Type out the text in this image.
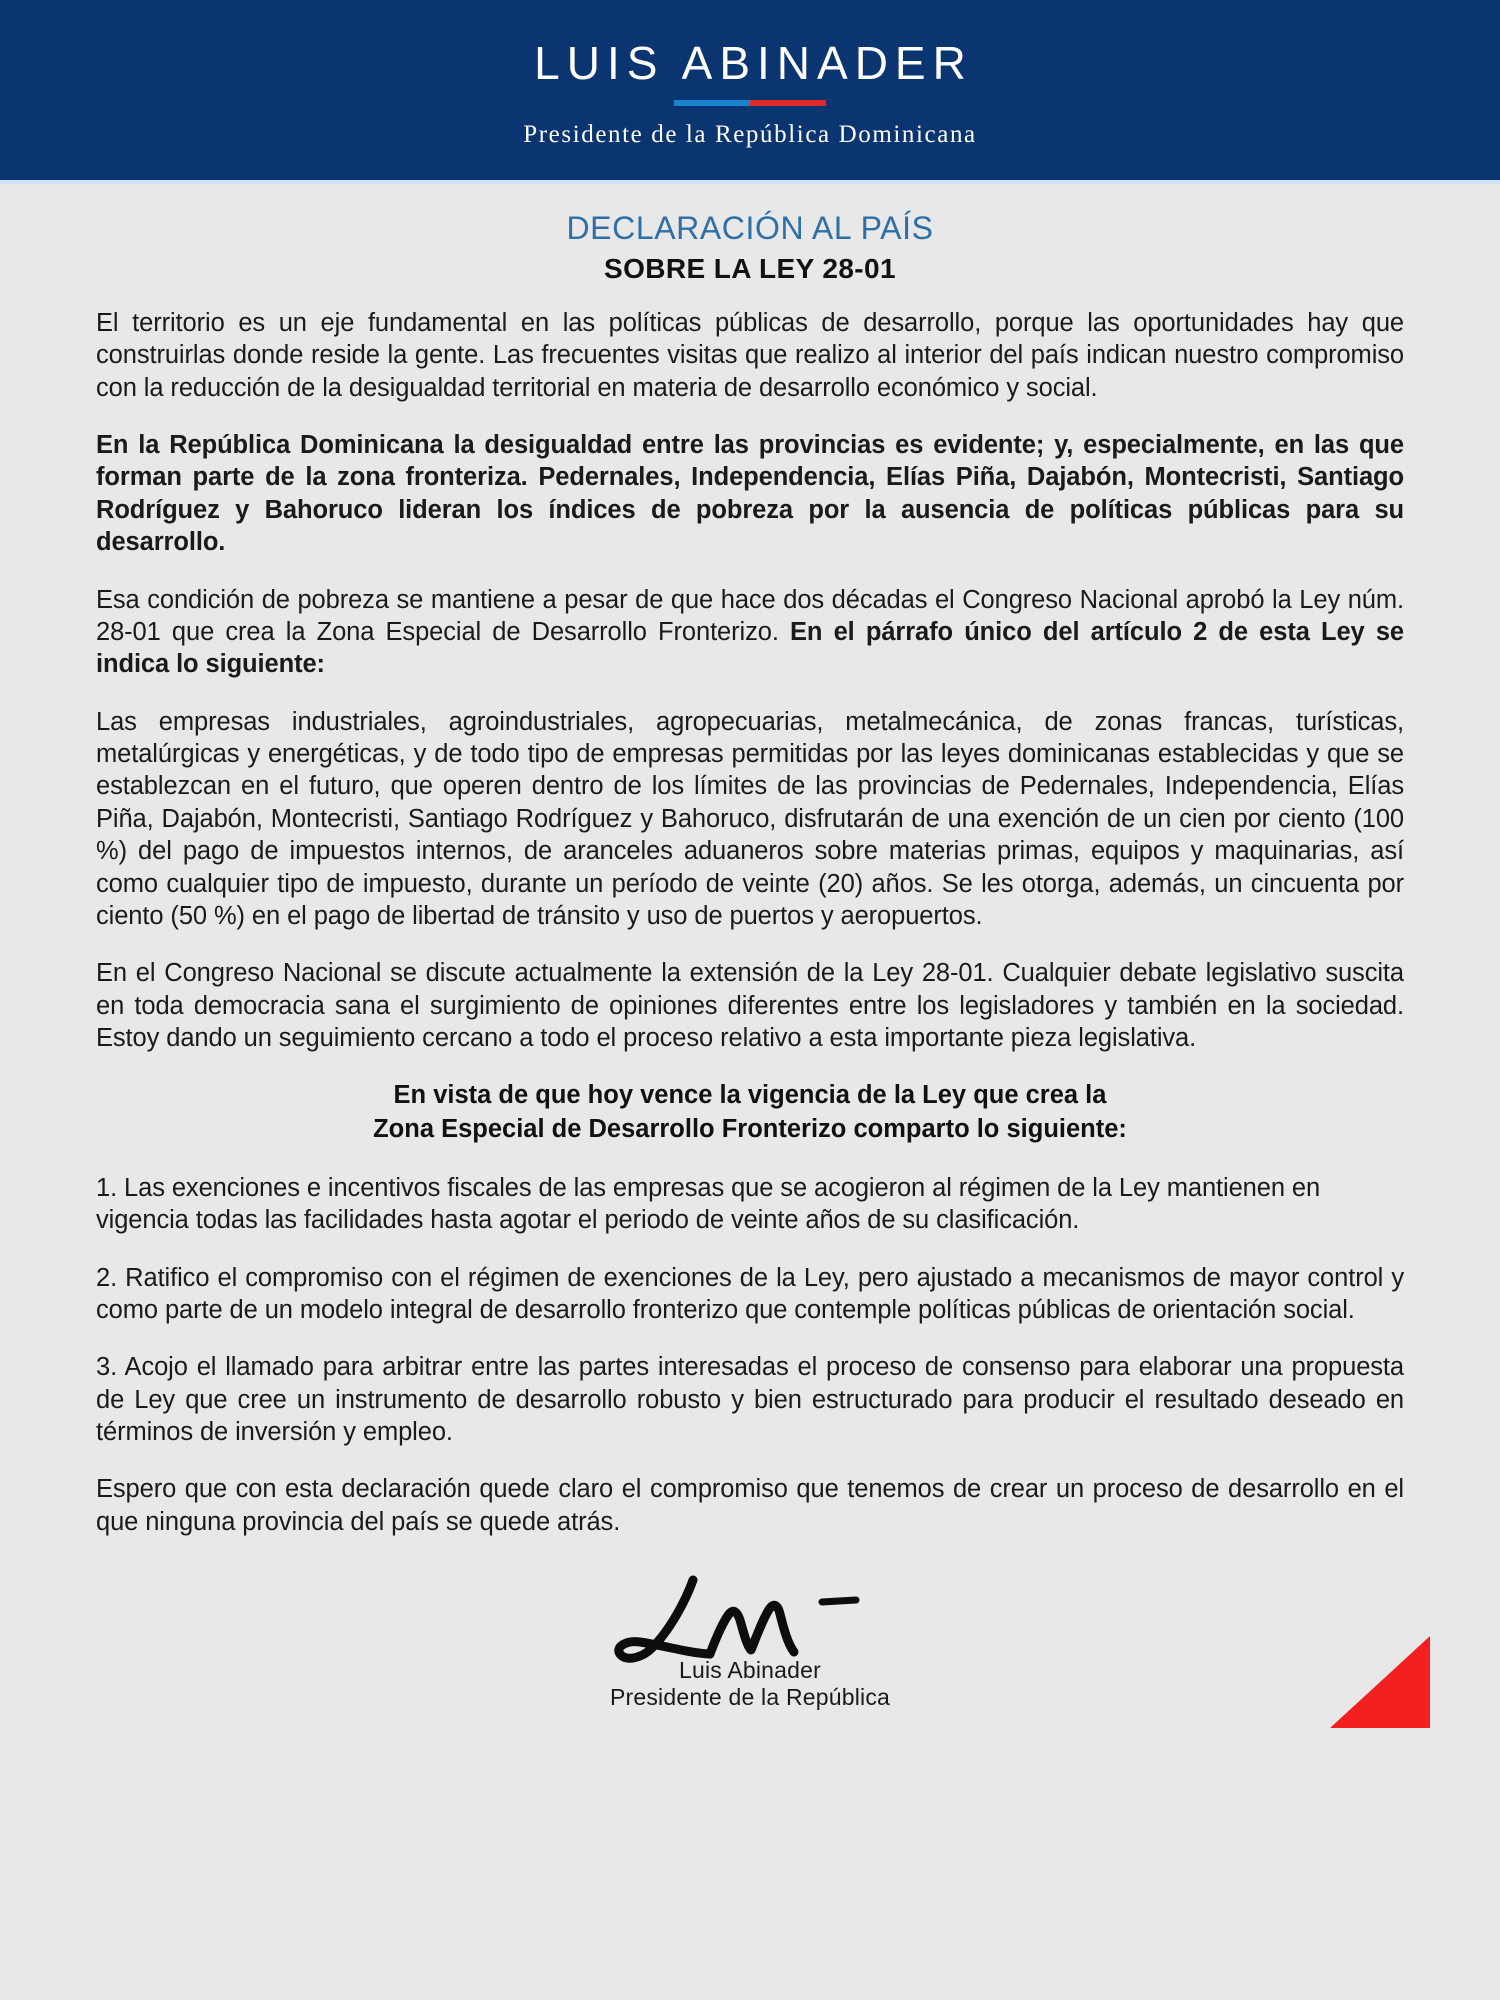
LUIS ABINADER
Presidente de la República Dominicana
DECLARACIÓN AL PAÍS
SOBRE LA LEY 28-01

El territorio es un eje fundamental en las políticas públicas de desarrollo, porque las oportunidades hay que construirlas donde reside la gente. Las frecuentes visitas que realizo al interior del país indican nuestro compromiso con la reducción de la desigualdad territorial en materia de desarrollo económico y social.

En la República Dominicana la desigualdad entre las provincias es evidente; y, especialmente, en las que forman parte de la zona fronteriza. Pedernales, Independencia, Elías Piña, Dajabón, Montecristi, Santiago Rodríguez y Bahoruco lideran los índices de pobreza por la ausencia de políticas públicas para su desarrollo.

Esa condición de pobreza se mantiene a pesar de que hace dos décadas el Congreso Nacional aprobó la Ley núm. 28-01 que crea la Zona Especial de Desarrollo Fronterizo. En el párrafo único del artículo 2 de esta Ley se indica lo siguiente:

Las empresas industriales, agroindustriales, agropecuarias, metalmecánica, de zonas francas, turísticas, metalúrgicas y energéticas, y de todo tipo de empresas permitidas por las leyes dominicanas establecidas y que se establezcan en el futuro, que operen dentro de los límites de las provincias de Pedernales, Independencia, Elías Piña, Dajabón, Montecristi, Santiago Rodríguez y Bahoruco, disfrutarán de una exención de un cien por ciento (100 %) del pago de impuestos internos, de aranceles aduaneros sobre materias primas, equipos y maquinarias, así como cualquier tipo de impuesto, durante un período de veinte (20) años. Se les otorga, además, un cincuenta por ciento (50 %) en el pago de libertad de tránsito y uso de puertos y aeropuertos.

En el Congreso Nacional se discute actualmente la extensión de la Ley 28-01. Cualquier debate legislativo suscita en toda democracia sana el surgimiento de opiniones diferentes entre los legisladores y también en la sociedad. Estoy dando un seguimiento cercano a todo el proceso relativo a esta importante pieza legislativa.

En vista de que hoy vence la vigencia de la Ley que crea la
Zona Especial de Desarrollo Fronterizo comparto lo siguiente:

1. Las exenciones e incentivos fiscales de las empresas que se acogieron al régimen de la Ley mantienen en vigencia todas las facilidades hasta agotar el periodo de veinte años de su clasificación.

2. Ratifico el compromiso con el régimen de exenciones de la Ley, pero ajustado a mecanismos de mayor control y como parte de un modelo integral de desarrollo fronterizo que contemple políticas públicas de orientación social.

3. Acojo el llamado para arbitrar entre las partes interesadas el proceso de consenso para elaborar una propuesta de Ley que cree un instrumento de desarrollo robusto y bien estructurado para producir el resultado deseado en términos de inversión y empleo.

Espero que con esta declaración quede claro el compromiso que tenemos de crear un proceso de desarrollo en el que ninguna provincia del país se quede atrás.

Luis Abinader

Presidente de la República
